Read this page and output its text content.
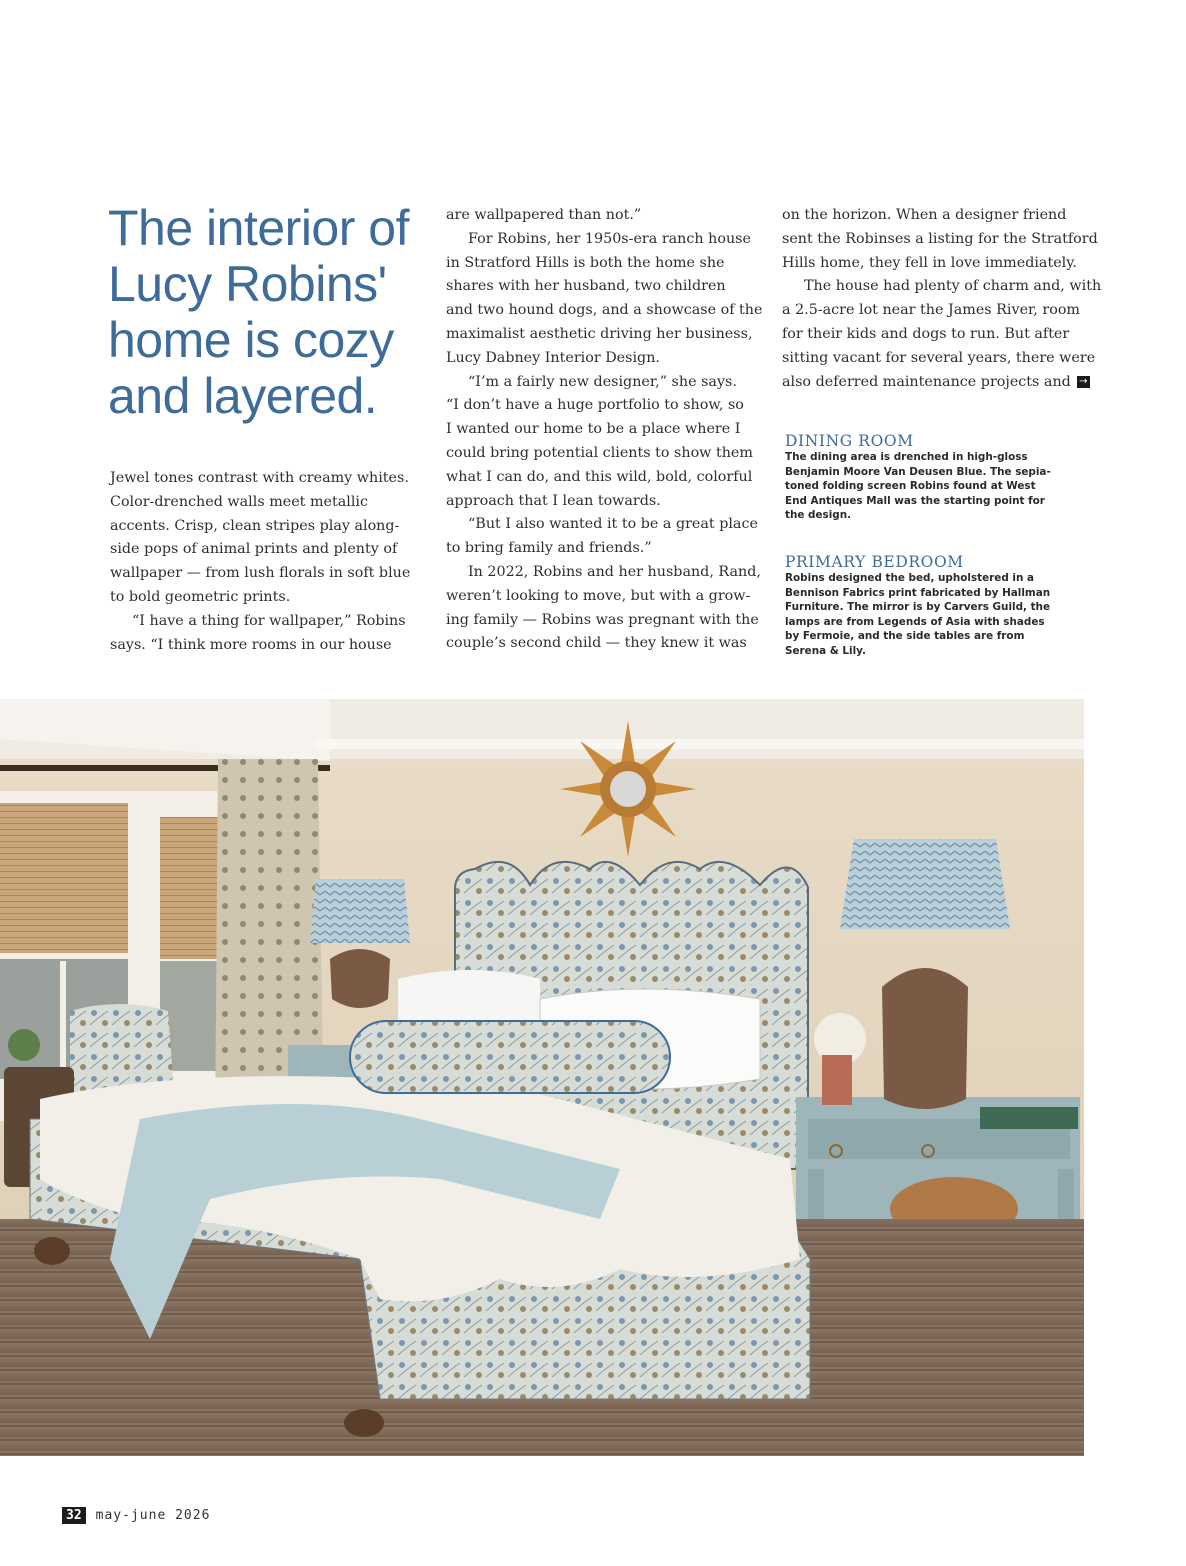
The interior of
Lucy Robins'
home is cozy
and layered.
Jewel tones contrast with creamy whites.
Color-drenched walls meet metallic
accents. Crisp, clean stripes play along-
side pops of animal prints and plenty of
wallpaper — from lush florals in soft blue
to bold geometric prints.
“I have a thing for wallpaper,” Robins
says. “I think more rooms in our house
are wallpapered than not.”
For Robins, her 1950s-era ranch house
in Stratford Hills is both the home she
shares with her husband, two children
and two hound dogs, and a showcase of the
maximalist aesthetic driving her business,
Lucy Dabney Interior Design.
“I’m a fairly new designer,” she says.
“I don’t have a huge portfolio to show, so
I wanted our home to be a place where I
could bring potential clients to show them
what I can do, and this wild, bold, colorful
approach that I lean towards.
“But I also wanted it to be a great place
to bring family and friends.”
In 2022, Robins and her husband, Rand,
weren’t looking to move, but with a grow-
ing family — Robins was pregnant with the
couple’s second child — they knew it was
on the horizon. When a designer friend
sent the Robinses a listing for the Stratford
Hills home, they fell in love immediately.
The house had plenty of charm and, with
a 2.5-acre lot near the James River, room
for their kids and dogs to run. But after
sitting vacant for several years, there were
also deferred maintenance projects and →
DINING ROOM
The dining area is drenched in high-gloss
Benjamin Moore Van Deusen Blue. The sepia-
toned folding screen Robins found at West
End Antiques Mall was the starting point for
the design.
PRIMARY BEDROOM
Robins designed the bed, upholstered in a
Bennison Fabrics print fabricated by Hallman
Furniture. The mirror is by Carvers Guild, the
lamps are from Legends of Asia with shades
by Fermoie, and the side tables are from
Serena & Lily.
32	may-june 2026
